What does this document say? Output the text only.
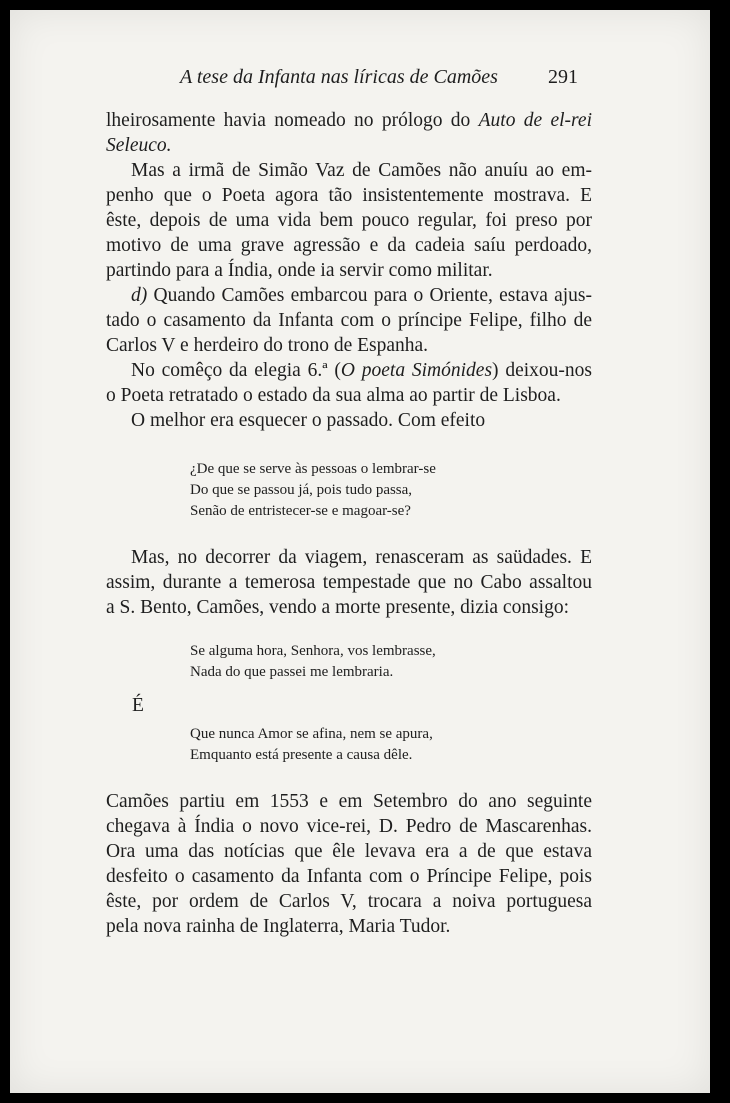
A tese da Infanta nas líricas de Camões	291
lheirosamente havia nomeado no prólogo do Auto de el-rei
Seleuco.
Mas a irmã de Simão Vaz de Camões não anuíu ao em-
penho que o Poeta agora tão insistentemente mostrava. E
êste, depois de uma vida bem pouco regular, foi preso por
motivo de uma grave agressão e da cadeia saíu perdoado,
partindo para a Índia, onde ia servir como militar.
d) Quando Camões embarcou para o Oriente, estava ajus-
tado o casamento da Infanta com o príncipe Felipe, filho de
Carlos V e herdeiro do trono de Espanha.
No comêço da elegia 6.ª (O poeta Simónides) deixou-nos
o Poeta retratado o estado da sua alma ao partir de Lisboa.
O melhor era esquecer o passado. Com efeito
¿De que se serve às pessoas o lembrar-se
Do que se passou já, pois tudo passa,
Senão de entristecer-se e magoar-se?
Mas, no decorrer da viagem, renasceram as saüdades. E
assim, durante a temerosa tempestade que no Cabo assaltou
a S. Bento, Camões, vendo a morte presente, dizia consigo:
Se alguma hora, Senhora, vos lembrasse,
Nada do que passei me lembraria.
É
Que nunca Amor se afina, nem se apura,
Emquanto está presente a causa dêle.
Camões partiu em 1553 e em Setembro do ano seguinte
chegava à Índia o novo vice-rei, D. Pedro de Mascarenhas.
Ora uma das notícias que êle levava era a de que estava
desfeito o casamento da Infanta com o Príncipe Felipe, pois
êste, por ordem de Carlos V, trocara a noiva portuguesa
pela nova rainha de Inglaterra, Maria Tudor.
